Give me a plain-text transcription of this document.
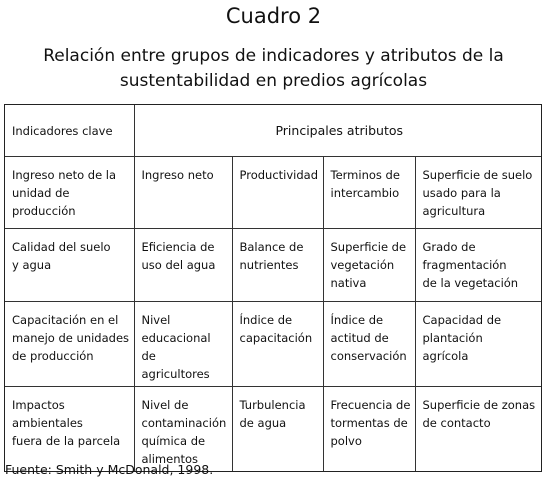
Cuadro 2
Relación entre grupos de indicadores y atributos de la
sustentabilidad en predios agrícolas
Indicadores clave	Principales atributos			

Ingreso neto de la
unidad de
producción	Ingreso neto	Productividad	Terminos de
intercambio	Superficie de suelo
usado para la
agricultura

Calidad del suelo
y agua	Eficiencia de
uso del agua	Balance de
nutrientes	Superficie de
vegetación
nativa	Grado de
fragmentación
de la vegetación

Capacitación en el
manejo de unidades
de producción	Nivel
educacional
de agricultores	Índice de
capacitación	Índice de
actitud de
conservación	Capacidad de
plantación
agrícola

Impactos
ambientales
fuera de la parcela	Nivel de
contaminación
química de
alimentos	Turbulencia
de agua	Frecuencia de
tormentas de
polvo	Superficie de zonas
de contacto
Fuente: Smith y McDonald, 1998.
